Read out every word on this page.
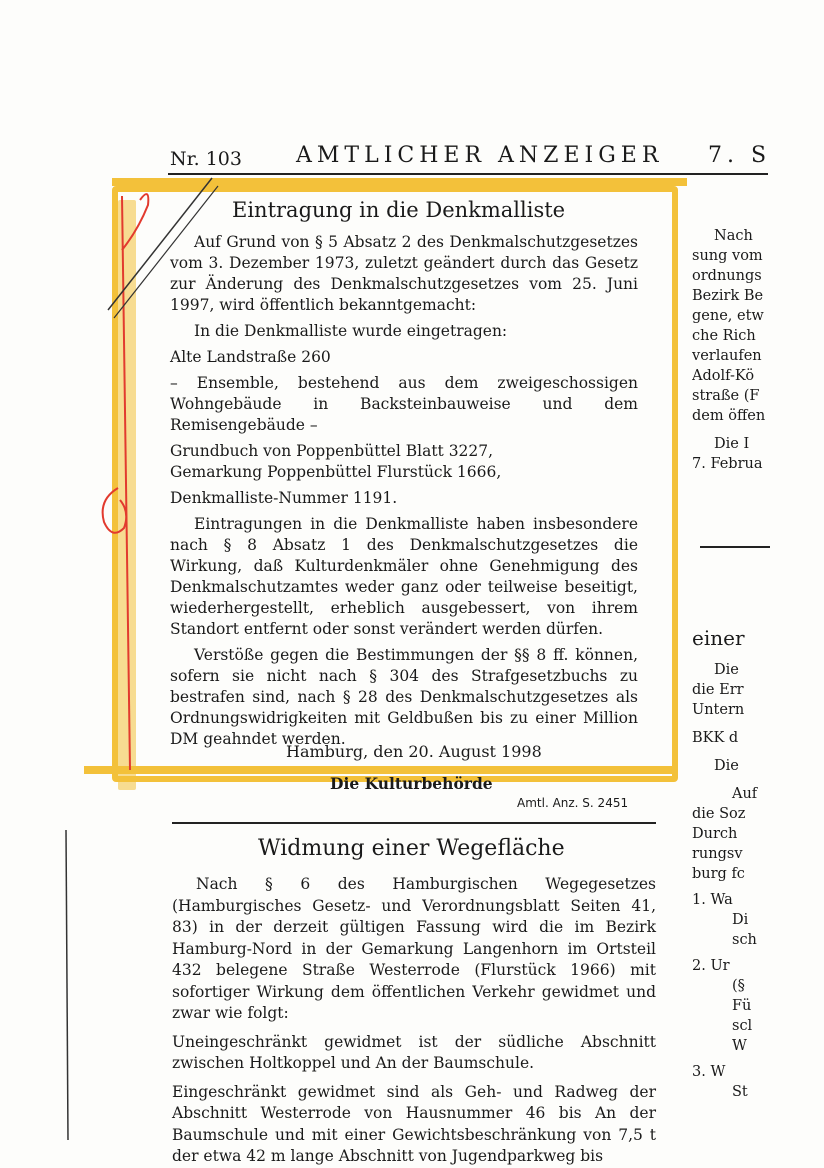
Nr. 103 AMTLICHER ANZEIGER 7. S
Eintragung in die Denkmalliste

Auf Grund von § 5 Absatz 2 des Denkmalschutzgesetzes vom 3. Dezember 1973, zuletzt geändert durch das Gesetz zur Änderung des Denkmalschutzgesetzes vom 25. Juni 1997, wird öffentlich bekanntgemacht:

In die Denkmalliste wurde eingetragen:

Alte Landstraße 260

– Ensemble, bestehend aus dem zweigeschossigen Wohngebäude in Backsteinbauweise und dem Remisengebäude –

Grundbuch von Poppenbüttel Blatt 3227,

Gemarkung Poppenbüttel Flurstück 1666,

Denkmalliste-Nummer 1191.

Eintragungen in die Denkmalliste haben insbesondere nach § 8 Absatz 1 des Denkmalschutzgesetzes die Wirkung, daß Kulturdenkmäler ohne Genehmigung des Denkmalschutzamtes weder ganz oder teilweise beseitigt, wiederhergestellt, erheblich ausgebessert, von ihrem Standort entfernt oder sonst verändert werden dürfen.

Verstöße gegen die Bestimmungen der §§ 8 ff. können, sofern sie nicht nach § 304 des Strafgesetzbuchs zu bestrafen sind, nach § 28 des Denkmalschutzgesetzes als Ordnungswidrigkeiten mit Geldbußen bis zu einer Million DM geahndet werden.

Hamburg, den 20. August 1998
Die Kulturbehörde
Amtl. Anz. S. 2451
Widmung einer Wegefläche

Nach § 6 des Hamburgischen Wegegesetzes (Hamburgisches Gesetz- und Verordnungsblatt Seiten 41, 83) in der derzeit gültigen Fassung wird die im Bezirk Hamburg-Nord in der Gemarkung Langenhorn im Ortsteil 432 belegene Straße Westerrode (Flurstück 1966) mit sofortiger Wirkung dem öffentlichen Verkehr gewidmet und zwar wie folgt:

Uneingeschränkt gewidmet ist der südliche Abschnitt zwischen Holtkoppel und An der Baumschule.

Eingeschränkt gewidmet sind als Geh- und Radweg der Abschnitt Westerrode von Hausnummer 46 bis An der Baumschule und mit einer Gewichtsbeschränkung von 7,5 t der etwa 42 m lange Abschnitt von Jugendparkweg bis

Nach
sung vom
ordnungs
Bezirk Be
gene, etw
che Rich
verlaufen
Adolf-Kö
straße (F
dem öffen
Die I
7. Februa
einer
Die
die Err
Untern
BKK d
Die
Auf
die Soz
Durch
rungsv
burg fc
1. Wa
Di
sch
2. Ur
(§
Fü
scl
W
3. W
St
